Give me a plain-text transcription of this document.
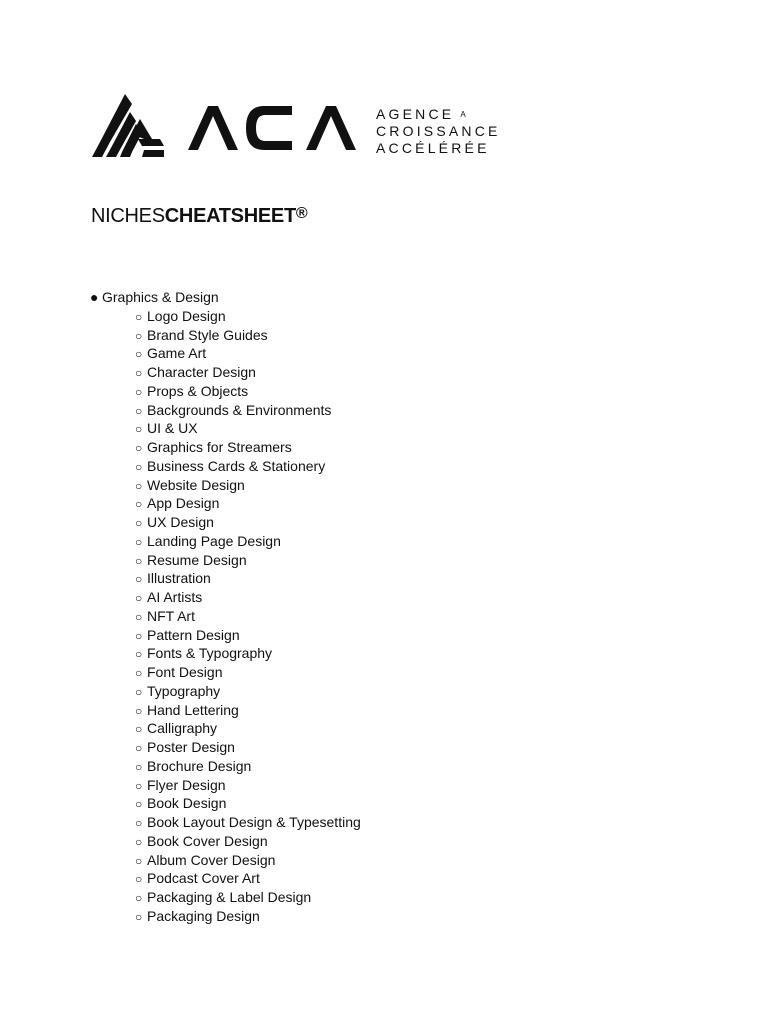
AGENCE A
CROISSANCE
ACCÉLÉRÉE
NICHESCHEATSHEET®
● Graphics & Design
○ Logo Design
○ Brand Style Guides
○ Game Art
○ Character Design
○ Props & Objects
○ Backgrounds & Environments
○ UI & UX
○ Graphics for Streamers
○ Business Cards & Stationery
○ Website Design
○ App Design
○ UX Design
○ Landing Page Design
○ Resume Design
○ Illustration
○ AI Artists
○ NFT Art
○ Pattern Design
○ Fonts & Typography
○ Font Design
○ Typography
○ Hand Lettering
○ Calligraphy
○ Poster Design
○ Brochure Design
○ Flyer Design
○ Book Design
○ Book Layout Design & Typesetting
○ Book Cover Design
○ Album Cover Design
○ Podcast Cover Art
○ Packaging & Label Design
○ Packaging Design
